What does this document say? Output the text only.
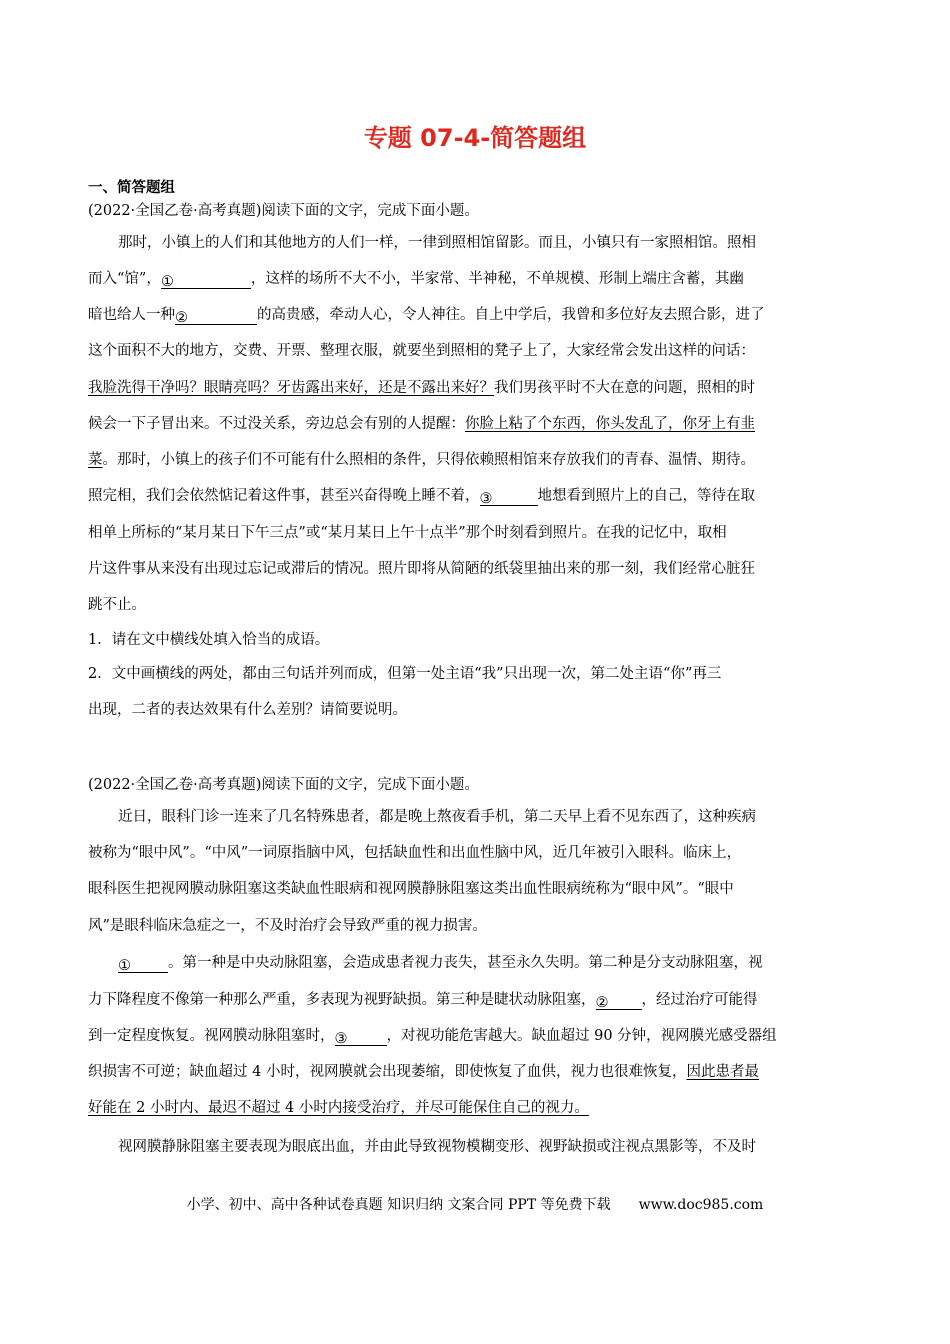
专题 07-4-简答题组
一、简答题组
(2022·全国乙卷·高考真题)阅读下面的文字，完成下面小题。
那时，小镇上的人们和其他地方的人们一样，一律到照相馆留影。而且，小镇只有一家照相馆。照相
而入“馆”，①	，这样的场所不大不小，半家常、半神秘，不单规模、形制上端庄含蓄，其幽
暗也给人一种②	的高贵感，牵动人心，令人神往。自上中学后，我曾和多位好友去照合影，进了
这个面积不大的地方，交费、开票、整理衣服，就要坐到照相的凳子上了，大家经常会发出这样的问话：
我脸洗得干净吗？眼睛亮吗？牙齿露出来好，还是不露出来好？我们男孩平时不大在意的问题，照相的时
候会一下子冒出来。不过没关系，旁边总会有别的人提醒：你脸上粘了个东西，你头发乱了，你牙上有韭
菜。那时，小镇上的孩子们不可能有什么照相的条件，只得依赖照相馆来存放我们的青春、温情、期待。
照完相，我们会依然惦记着这件事，甚至兴奋得晚上睡不着，③	地想看到照片上的自己，等待在取
相单上所标的“某月某日下午三点”或“某月某日上午十点半”那个时刻看到照片。在我的记忆中，取相
片这件事从来没有出现过忘记或滞后的情况。照片即将从简陋的纸袋里抽出来的那一刻，我们经常心脏狂
跳不止。
1．请在文中横线处填入恰当的成语。
2．文中画横线的两处，都由三句话并列而成，但第一处主语“我”只出现一次，第二处主语“你”再三
出现，二者的表达效果有什么差别？请简要说明。
(2022·全国乙卷·高考真题)阅读下面的文字，完成下面小题。
近日，眼科门诊一连来了几名特殊患者，都是晚上熬夜看手机，第二天早上看不见东西了，这种疾病
被称为“眼中风”。“中风”一词原指脑中风，包括缺血性和出血性脑中风，近几年被引入眼科。临床上，
眼科医生把视网膜动脉阻塞这类缺血性眼病和视网膜静脉阻塞这类出血性眼病统称为“眼中风”。“眼中
风”是眼科临床急症之一，不及时治疗会导致严重的视力损害。
①	。第一种是中央动脉阻塞，会造成患者视力丧失，甚至永久失明。第二种是分支动脉阻塞，视
力下降程度不像第一种那么严重，多表现为视野缺损。第三种是睫状动脉阻塞，② ，经过治疗可能得
到一定程度恢复。视网膜动脉阻塞时，③	，对视功能危害越大。缺血超过 90 分钟，视网膜光感受器组
织损害不可逆；缺血超过 4 小时，视网膜就会出现萎缩，即使恢复了血供，视力也很难恢复，因此患者最
好能在 2 小时内、最迟不超过 4 小时内接受治疗，并尽可能保住自己的视力。
视网膜静脉阻塞主要表现为眼底出血，并由此导致视物模糊变形、视野缺损或注视点黑影等，不及时
小学、初中、高中各种试卷真题 知识归纳 文案合同 PPT 等免费下载 www.doc985.com
